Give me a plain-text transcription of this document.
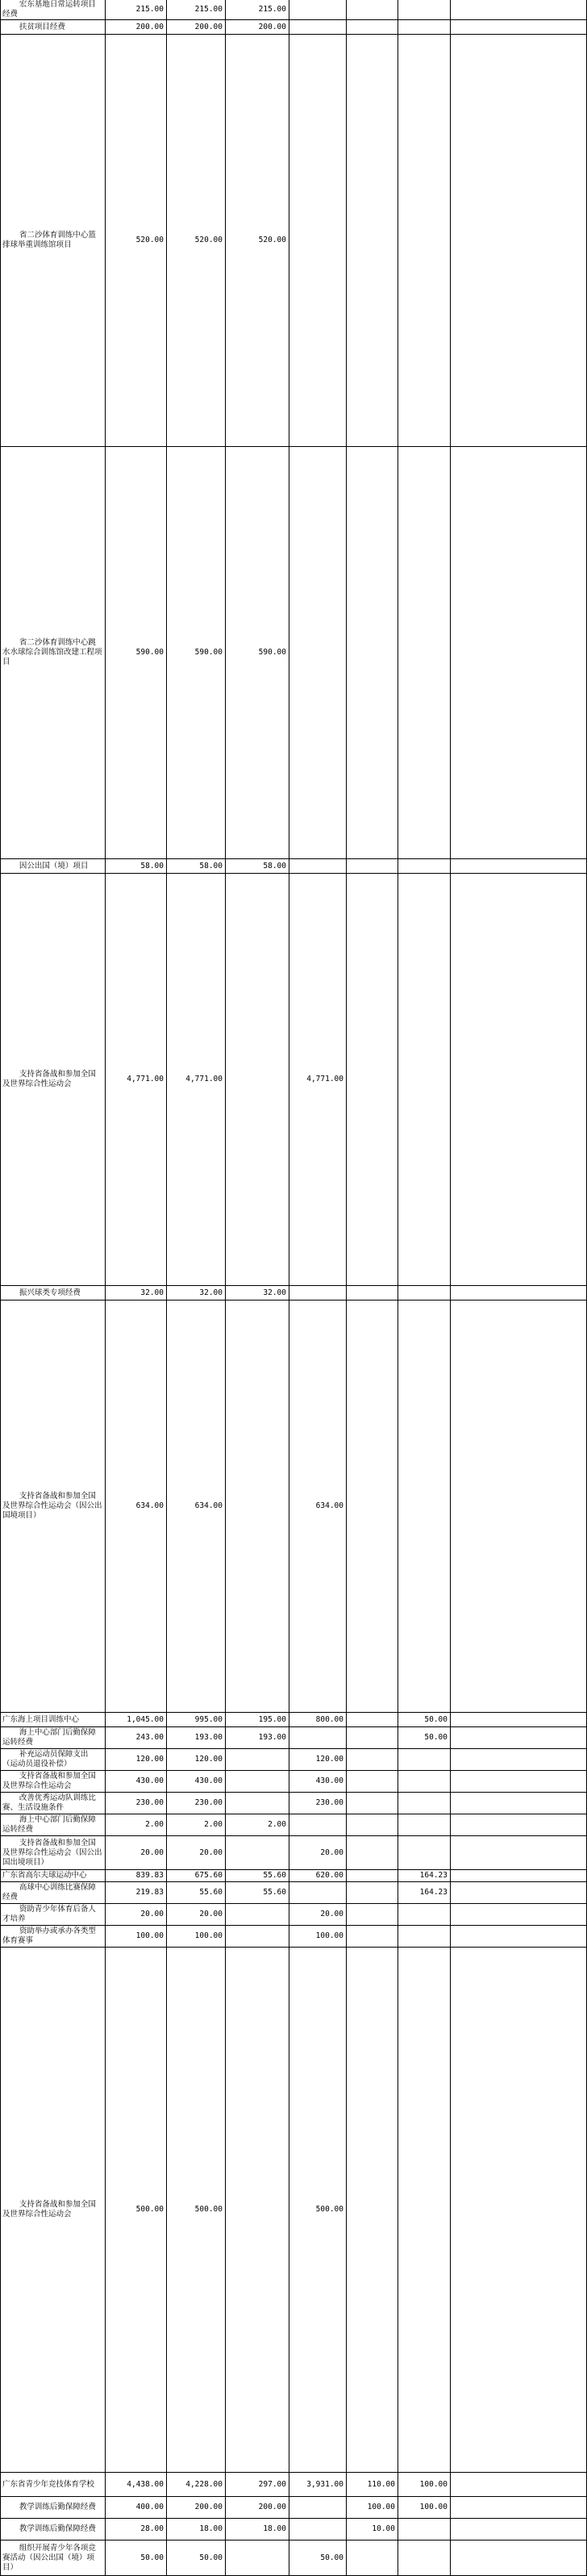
宏东基地日常运转项目经费	215.00	215.00	215.00					
扶贫项目经费	200.00	200.00	200.00					
省二沙体育训练中心篮排球举重训练馆项目	520.00	520.00	520.00					
省二沙体育训练中心跳水水球综合训练馆改建工程项目	590.00	590.00	590.00					
因公出国（境）项目	58.00	58.00	58.00					
支持省备战和参加全国及世界综合性运动会	4,771.00	4,771.00		4,771.00				
振兴球类专项经费	32.00	32.00	32.00					
支持省备战和参加全国及世界综合性运动会（因公出国境项目）	634.00	634.00		634.00				
广东海上项目训练中心	1,045.00	995.00	195.00	800.00		50.00		
海上中心部门后勤保障运转经费	243.00	193.00	193.00			50.00		
补充运动员保障支出（运动员退役补偿）	120.00	120.00		120.00				
支持省备战和参加全国及世界综合性运动会	430.00	430.00		430.00				
改善优秀运动队训练比赛、生活设施条件	230.00	230.00		230.00				
海上中心部门后勤保障运转经费	2.00	2.00	2.00					
支持省备战和参加全国及世界综合性运动会（因公出国出境项目）	20.00	20.00		20.00				
广东省高尔夫球运动中心	839.83	675.60	55.60	620.00		164.23		
高球中心训练比赛保障经费	219.83	55.60	55.60			164.23		
资助青少年体育后备人才培养	20.00	20.00		20.00				
资助举办或承办各类型体育赛事	100.00	100.00		100.00				
支持省备战和参加全国及世界综合性运动会	500.00	500.00		500.00				
广东省青少年竞技体育学校	4,438.00	4,228.00	297.00	3,931.00	110.00	100.00		
教学训练后勤保障经费	400.00	200.00	200.00		100.00	100.00		
教学训练后勤保障经费	28.00	18.00	18.00		10.00			
组织开展青少年各项竞赛活动（因公出国（境）项目）	50.00	50.00		50.00				
